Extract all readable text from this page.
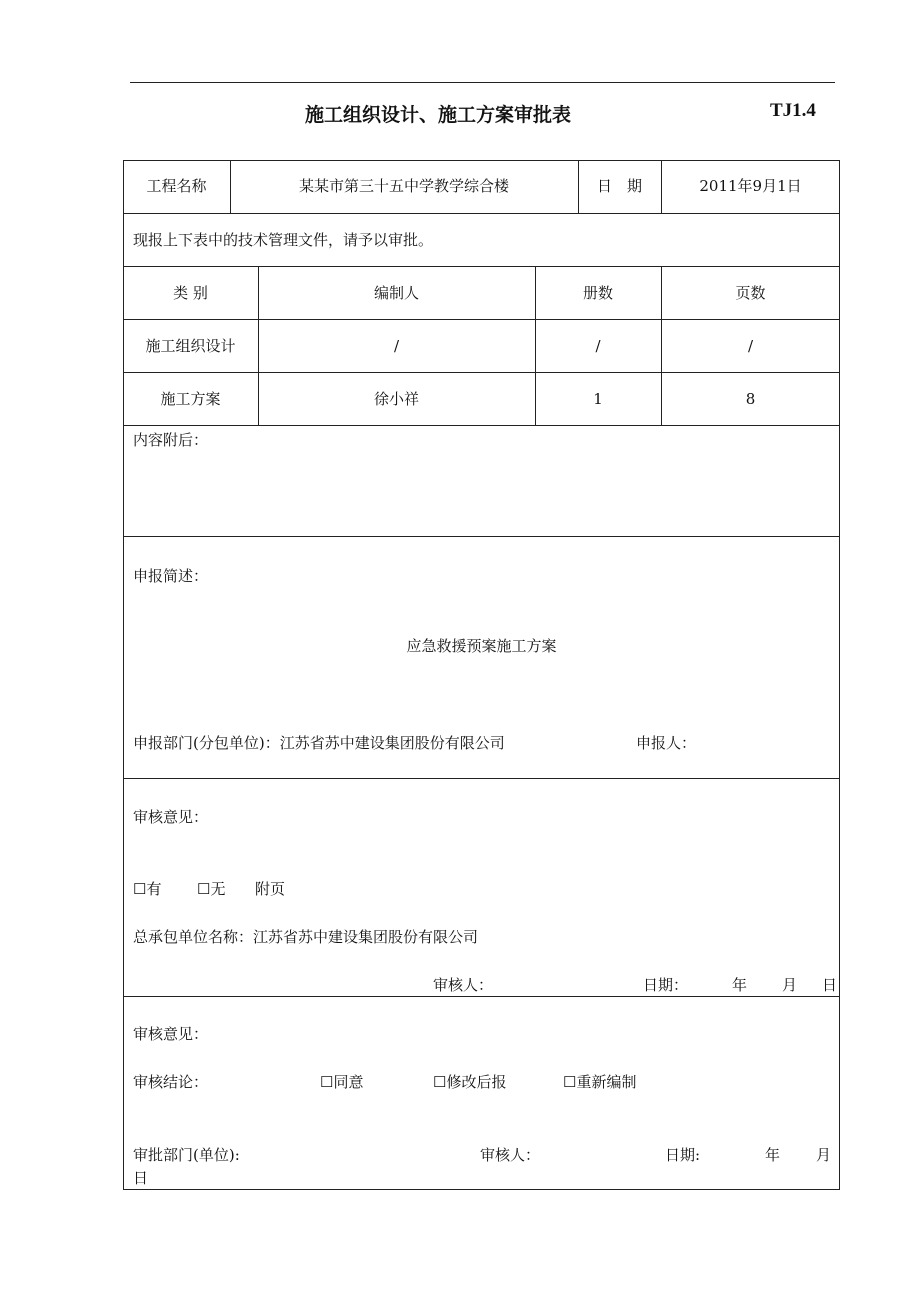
施工组织设计、施工方案审批表	TJ1.4
工程名称	某某市第三十五中学教学综合楼	日　期	2011年9月1日
现报上下表中的技术管理文件，请予以审批。
类 别	编制人	册数	页数
施工组织设计	/	/	/
施工方案	徐小祥	1	8
内容附后：
申报简述：
应急救援预案施工方案
申报部门(分包单位)：江苏省苏中建设集团股份有限公司	申报人：
审核意见：
☐有 ☐无 附页
总承包单位名称：江苏省苏中建设集团股份有限公司
审核人：	日期：	年 月 日
审核意见：
审核结论：	☐同意	☐修改后报	☐重新编制
审批部门(单位):	审核人：	日期:	年 月
日
